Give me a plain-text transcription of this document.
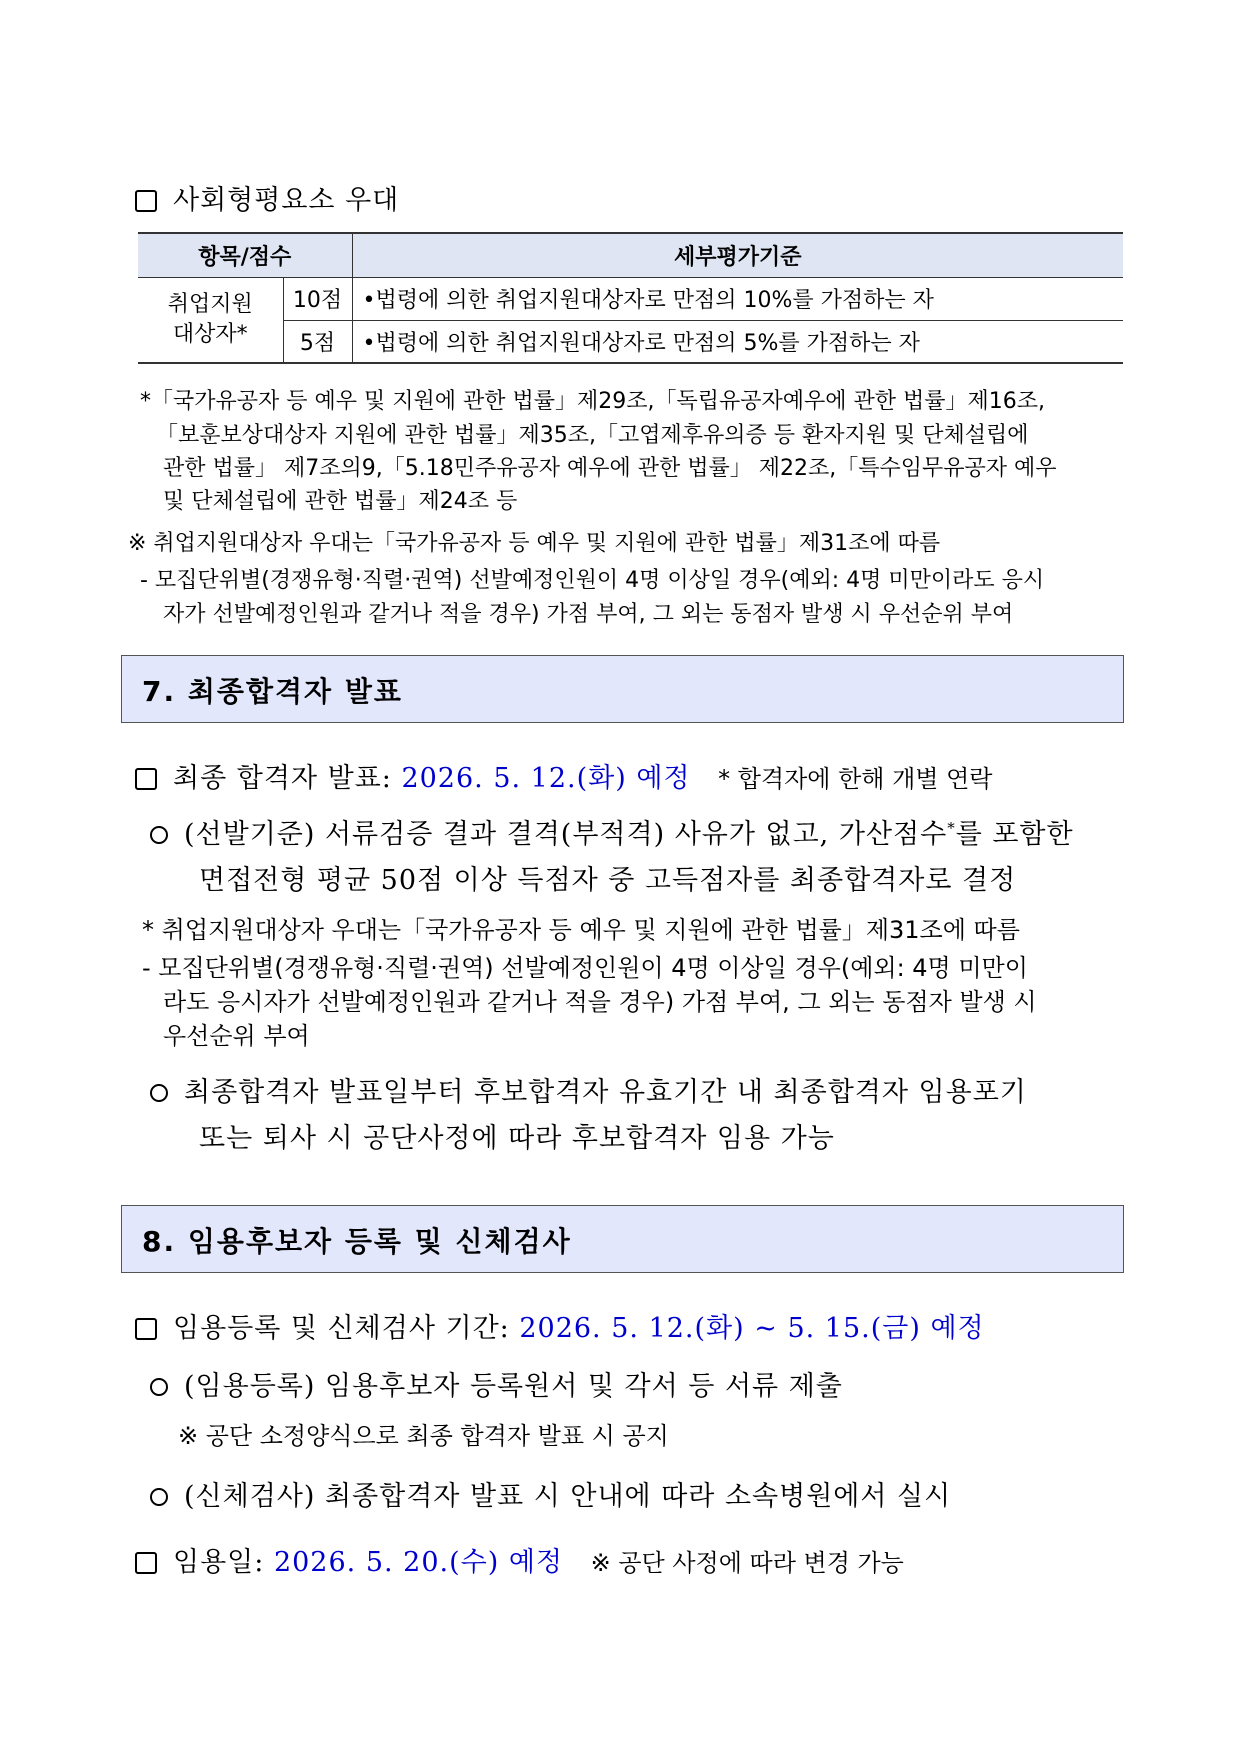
사회형평요소 우대
항목/점수		세부평가기준

취업지원
대상자*	10점	•법령에 의한 취업지원대상자로 만점의 10%를 가점하는 자
	5점	•법령에 의한 취업지원대상자로 만점의 5%를 가점하는 자
*「국가유공자 등 예우 및 지원에 관한 법률」제29조,「독립유공자예우에 관한 법률」제16조,
「보훈보상대상자 지원에 관한 법률」제35조,「고엽제후유의증 등 환자지원 및 단체설립에
관한 법률」 제7조의9,「5.18민주유공자 예우에 관한 법률」 제22조,「특수임무유공자 예우
및 단체설립에 관한 법률」제24조 등
※ 취업지원대상자 우대는「국가유공자 등 예우 및 지원에 관한 법률」제31조에 따름
- 모집단위별(경쟁유형·직렬·권역) 선발예정인원이 4명 이상일 경우(예외: 4명 미만이라도 응시
자가 선발예정인원과 같거나 적을 경우) 가점 부여, 그 외는 동점자 발생 시 우선순위 부여
7. 최종합격자 발표
최종 합격자 발표: 2026. 5. 12.(화) 예정 * 합격자에 한해 개별 연락
(선발기준) 서류검증 결과 결격(부적격) 사유가 없고, 가산점수*를 포함한
면접전형 평균 50점 이상 득점자 중 고득점자를 최종합격자로 결정
* 취업지원대상자 우대는「국가유공자 등 예우 및 지원에 관한 법률」제31조에 따름
- 모집단위별(경쟁유형·직렬·권역) 선발예정인원이 4명 이상일 경우(예외: 4명 미만이
라도 응시자가 선발예정인원과 같거나 적을 경우) 가점 부여, 그 외는 동점자 발생 시
우선순위 부여
최종합격자 발표일부터 후보합격자 유효기간 내 최종합격자 임용포기
또는 퇴사 시 공단사정에 따라 후보합격자 임용 가능
8. 임용후보자 등록 및 신체검사
임용등록 및 신체검사 기간: 2026. 5. 12.(화) ~ 5. 15.(금) 예정
(임용등록) 임용후보자 등록원서 및 각서 등 서류 제출
※ 공단 소정양식으로 최종 합격자 발표 시 공지
(신체검사) 최종합격자 발표 시 안내에 따라 소속병원에서 실시
임용일: 2026. 5. 20.(수) 예정 ※ 공단 사정에 따라 변경 가능
